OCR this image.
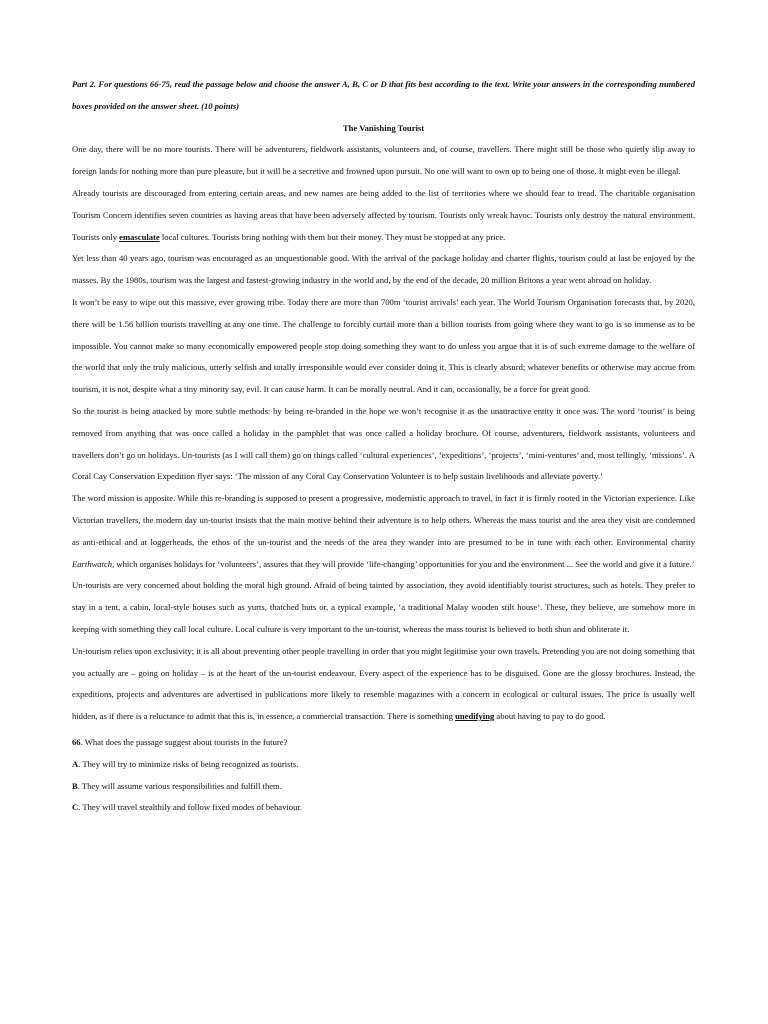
Part 2. For questions 66-75, read the passage below and choose the answer A, B, C or D that fits best according to the text. Write your answers in the corresponding numbered boxes provided on the answer sheet. (10 points)

The Vanishing Tourist

One day, there will be no more tourists. There will be adventurers, fieldwork assistants, volunteers and, of course, travellers. There might still be those who quietly slip away to foreign lands for nothing more than pure pleasure, but it will be a secretive and frowned upon pursuit. No one will want to own up to being one of those. It might even be illegal.

Already tourists are discouraged from entering certain areas, and new names are being added to the list of territories where we should fear to tread. The charitable organisation Tourism Concern identifies seven countries as having areas that have been adversely affected by tourism. Tourists only wreak havoc. Tourists only destroy the natural environment. Tourists only emasculate local cultures. Tourists bring nothing with them but their money. They must be stopped at any price.

Yet less than 40 years ago, tourism was encouraged as an unquestionable good. With the arrival of the package holiday and charter flights, tourism could at last be enjoyed by the masses. By the 1980s, tourism was the largest and fastest-growing industry in the world and, by the end of the decade, 20 million Britons a year went abroad on holiday.

It won’t be easy to wipe out this massive, ever growing tribe. Today there are more than 700m ‘tourist arrivals’ each year. The World Tourism Organisation forecasts that, by 2020, there will be 1.56 billion tourists travelling at any one time. The challenge to forcibly curtail more than a billion tourists from going where they want to go is so immense as to be impossible. You cannot make so many economically empowered people stop doing something they want to do unless you argue that it is of such extreme damage to the welfare of the world that only the truly malicious, utterly selfish and totally irresponsible would ever consider doing it. This is clearly absurd; whatever benefits or otherwise may accrue from tourism, it is not, despite what a tiny minority say, evil. It can cause harm. It can be morally neutral. And it can, occasionally, be a force for great good.

So the tourist is being attacked by more subtle methods: by being re-branded in the hope we won’t recognise it as the unattractive entity it once was. The word ‘tourist’ is being removed from anything that was once called a holiday in the pamphlet that was once called a holiday brochure. Of course, adventurers, fieldwork assistants, volunteers and travellers don’t go on holidays. Un-tourists (as I will call them) go on things called ‘cultural experiences’, ‘expeditions’, ‘projects’, ‘mini-ventures’ and, most tellingly, ‘missions’. A Coral Cay Conservation Expedition flyer says: ‘The mission of any Coral Cay Conservation Volunteer is to help sustain livelihoods and alleviate poverty.’

The word mission is apposite. While this re-branding is supposed to present a progressive, modernistic approach to travel, in fact it is firmly rooted in the Victorian experience. Like Victorian travellers, the modern day un-tourist insists that the main motive behind their adventure is to help others. Whereas the mass tourist and the area they visit are condemned as anti-ethical and at loggerheads, the ethos of the un-tourist and the needs of the area they wander into are presumed to be in tune with each other. Environmental charity Earthwatch, which organises holidays for ‘volunteers’, assures that they will provide ‘life-changing’ opportunities for you and the environment ... See the world and give it a future.’

Un-tourists are very concerned about holding the moral high ground. Afraid of being tainted by association, they avoid identifiably tourist structures, such as hotels. They prefer to stay in a tent, a cabin, local-style houses such as yurts, thatched huts or, a typical example, ‘a traditional Malay wooden stilt house’. These, they believe, are somehow more in keeping with something they call local culture. Local culture is very important to the un-tourist, whereas the mass tourist is believed to both shun and obliterate it.

Un-tourism relies upon exclusivity; it is all about preventing other people travelling in order that you might legitimise your own travels. Pretending you are not doing something that you actually are – going on holiday – is at the heart of the un-tourist endeavour. Every aspect of the experience has to be disguised. Gone are the glossy brochures. Instead, the expeditions, projects and adventures are advertised in publications more likely to resemble magazines with a concern in ecological or cultural issues. The price is usually well hidden, as if there is a reluctance to admit that this is, in essence, a commercial transaction. There is something unedifying about having to pay to do good.

66. What does the passage suggest about tourists in the future?

A. They will try to minimize risks of being recognized as tourists.

B. They will assume various responsibilities and fulfill them.

C. They will travel stealthily and follow fixed modes of behaviour.
